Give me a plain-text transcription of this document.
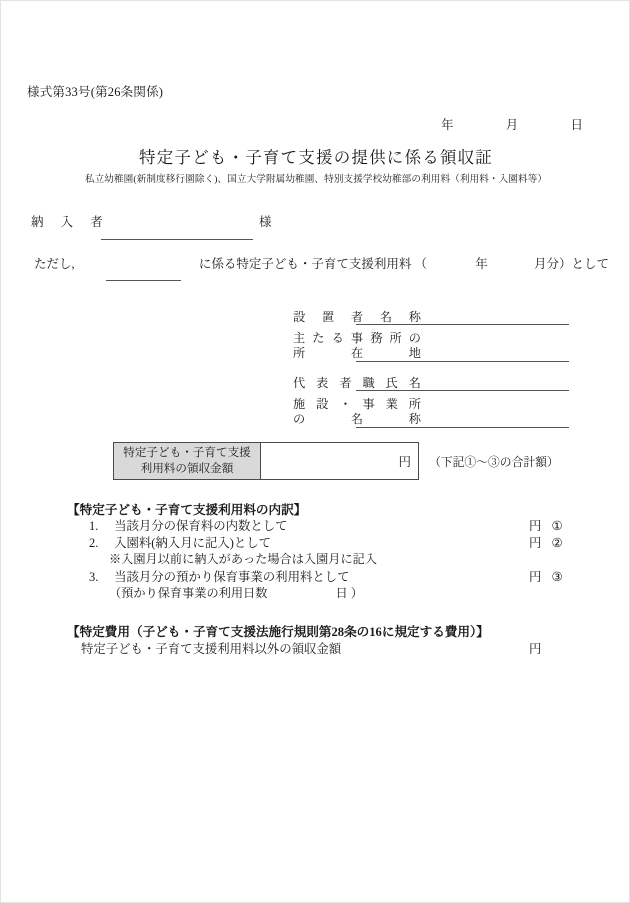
様式第33号(第26条関係)
年	月	日
特定子ども・子育て支援の提供に係る領収証
私立幼稚園(新制度移行園除く)、国立大学附属幼稚園、特別支援学校幼稚部の利用料（利用料・入園料等）
納 入 者	様
ただし,	に係る特定子ども・子育て支援利用料 （	年	月分）として
設置者名称
主たる事務所の
所在地
代表者職氏名
施設・事業所
の名称
特定子ども・子育て支援
利用料の領収金額	円 （下記①～③の合計額）
【特定子ども・子育て支援利用料の内訳】
1. 当該月分の保育料の内数として	円 ①
2. 入園料(納入月に記入)として	円 ②
※入園月以前に納入があった場合は入園月に記入
3. 当該月分の預かり保育事業の利用料として	円 ③
（預かり保育事業の利用日数	日 ）
【特定費用（子ども・子育て支援法施行規則第28条の16に規定する費用）】
特定子ども・子育て支援利用料以外の領収金額	円
